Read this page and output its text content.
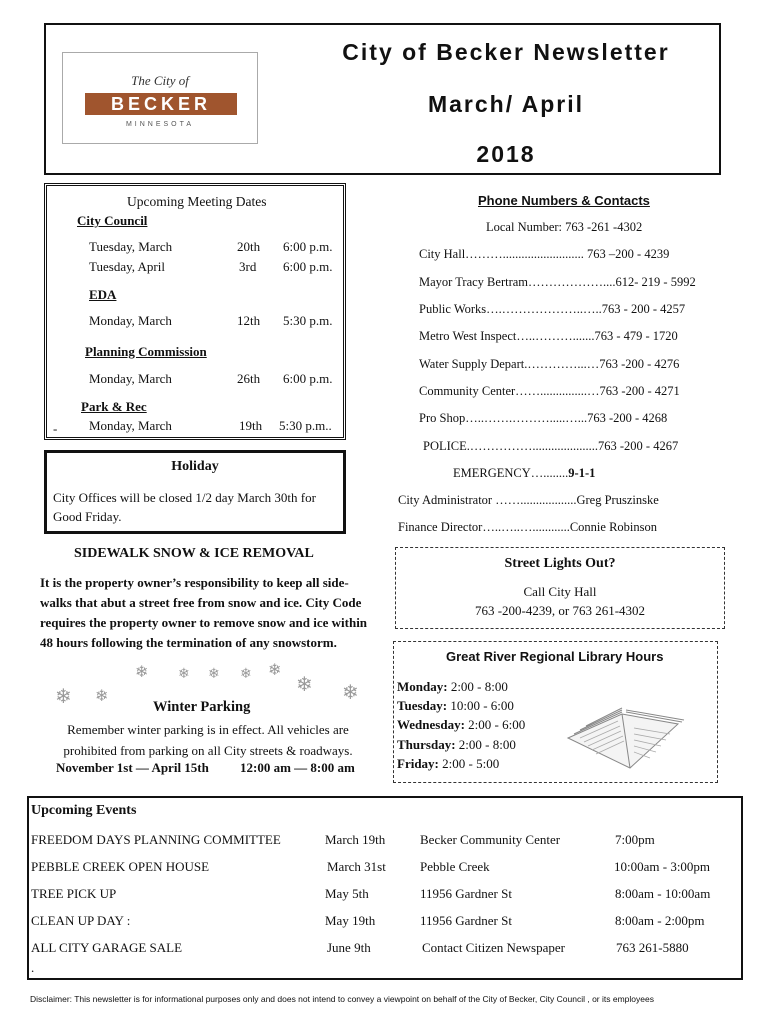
The City of
BECKER
MINNESOTA
City of Becker Newsletter
March/ April
2018
Upcoming Meeting Dates
City Council
Tuesday, March	20th 6:00 p.m.
Tuesday, April	3rd 6:00 p.m.
EDA
Monday, March	12th 5:30 p.m.
Planning Commission
Monday, March	26th 6:00 p.m.
Park & Rec
- Monday, March	19th 5:30 p.m..
Holiday
City Offices will be closed 1/2 day March 30th for Good Friday.
SIDEWALK SNOW & ICE REMOVAL
It is the property owner’s responsibility to keep all side-walks that abut a street free from snow and ice. City Code requires the property owner to remove snow and ice within 48 hours following the termination of any snowstorm.
❄ ❄
❄ ❄ ❄ ❄ ❄
❄ ❄
Winter Parking
Remember winter parking is in effect. All vehicles are prohibited from parking on all City streets & roadways.
November 1st — April 15th 12:00 am — 8:00 am
Phone Numbers & Contacts
Local Number: 763 -261 -4302
City Hall……….......................... 763 –200 - 4239
Mayor Tracy Bertram………………....612- 219 - 5992
Public Works….………………..…..763 - 200 - 4257
Metro West Inspect…..……….......763 - 479 - 1720
Water Supply Depart.…………...…763 -200 - 4276
Community Center……...............…763 -200 - 4271
Pro Shop…..…….……….....…...763 -200 - 4268
POLICE.…………….....................763 -200 - 4267
EMERGENCY…........9-1-1
City Administrator ……..................Greg Pruszinske
Finance Director…..…..…............Connie Robinson
Street Lights Out?
Call City Hall
763 -200-4239, or 763 261-4302
Great River Regional Library Hours
Monday: 2:00 - 8:00
Tuesday: 10:00 - 6:00
Wednesday: 2:00 - 6:00
Thursday: 2:00 - 8:00
Friday: 2:00 - 5:00
Upcoming Events
FREEDOM DAYS PLANNING COMMITTEE	March 19th	Becker Community Center	7:00pm
PEBBLE CREEK OPEN HOUSE	March 31st	Pebble Creek	10:00am - 3:00pm
TREE PICK UP	May 5th	11956 Gardner St	8:00am - 10:00am
CLEAN UP DAY :	May 19th	11956 Gardner St	8:00am - 2:00pm
ALL CITY GARAGE SALE	June 9th	Contact Citizen Newspaper	763 261-5880
.
Disclaimer: This newsletter is for informational purposes only and does not intend to convey a viewpoint on behalf of the City of Becker, City Council , or its employees
